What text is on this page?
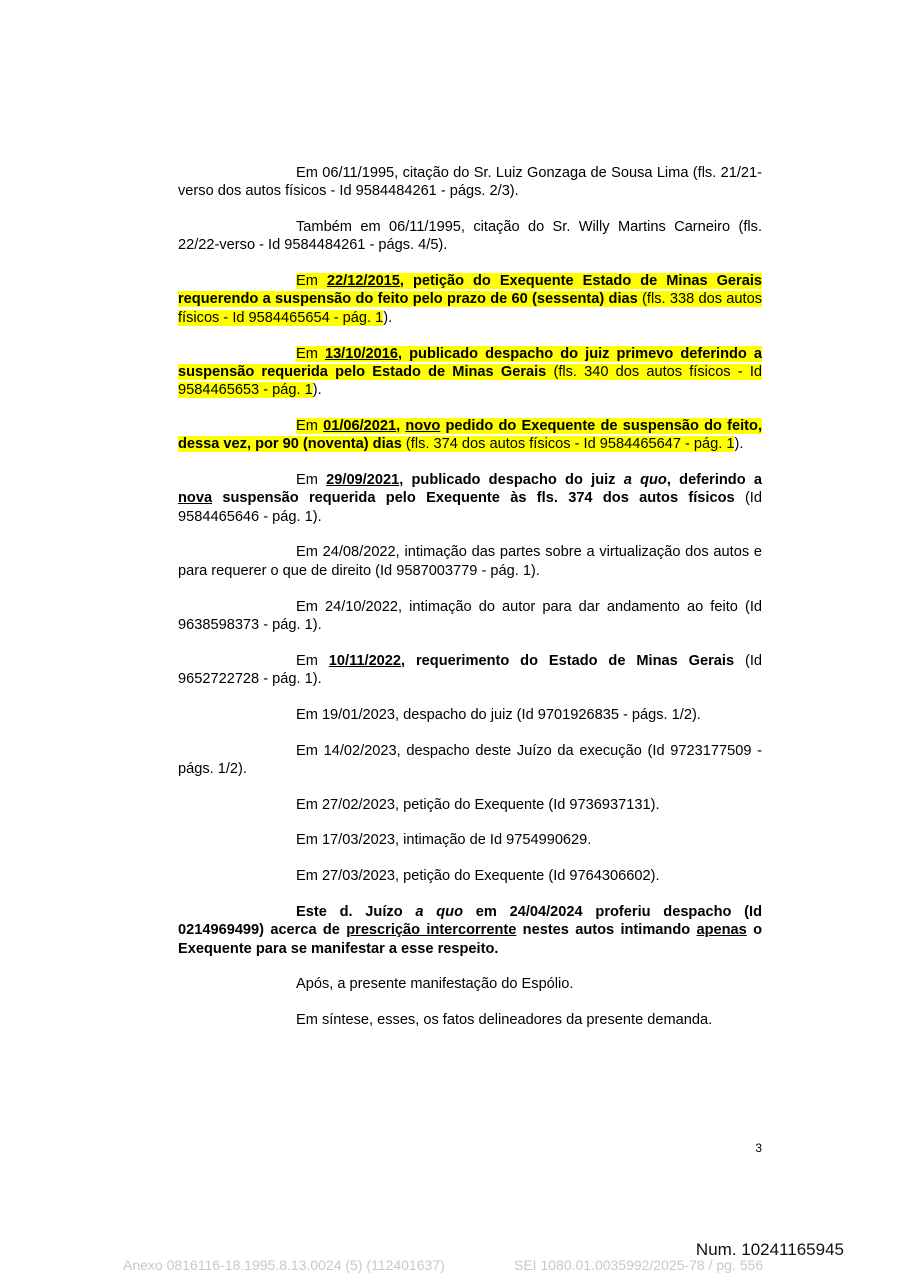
Em 06/11/1995, citação do Sr. Luiz Gonzaga de Sousa Lima (fls. 21/21-verso dos autos físicos - Id 9584484261 - págs. 2/3).

Também em 06/11/1995, citação do Sr. Willy Martins Carneiro (fls. 22/22-verso - Id 9584484261 - págs. 4/5).

Em 22/12/2015, petição do Exequente Estado de Minas Gerais requerendo a suspensão do feito pelo prazo de 60 (sessenta) dias (fls. 338 dos autos físicos - Id 9584465654 - pág. 1).

Em 13/10/2016, publicado despacho do juiz primevo deferindo a suspensão requerida pelo Estado de Minas Gerais (fls. 340 dos autos físicos - Id 9584465653 - pág. 1).

Em 01/06/2021, novo pedido do Exequente de suspensão do feito, dessa vez, por 90 (noventa) dias (fls. 374 dos autos físicos - Id 9584465647 - pág. 1).

Em 29/09/2021, publicado despacho do juiz a quo, deferindo a nova suspensão requerida pelo Exequente às fls. 374 dos autos físicos (Id 9584465646 - pág. 1).

Em 24/08/2022, intimação das partes sobre a virtualização dos autos e para requerer o que de direito (Id 9587003779 - pág. 1).

Em 24/10/2022, intimação do autor para dar andamento ao feito (Id 9638598373 - pág. 1).

Em 10/11/2022, requerimento do Estado de Minas Gerais (Id 9652722728 - pág. 1).

Em 19/01/2023, despacho do juiz (Id 9701926835 - págs. 1/2).

Em 14/02/2023, despacho deste Juízo da execução (Id 9723177509 - págs. 1/2).

Em 27/02/2023, petição do Exequente (Id 9736937131).

Em 17/03/2023, intimação de Id 9754990629.

Em 27/03/2023, petição do Exequente (Id 9764306602).

Este d. Juízo a quo em 24/04/2024 proferiu despacho (Id 0214969499) acerca de prescrição intercorrente nestes autos intimando apenas o Exequente para se manifestar a esse respeito.

Após, a presente manifestação do Espólio.

Em síntese, esses, os fatos delineadores da presente demanda.

3
Num. 10241165945
Anexo 0816116-18.1995.8.13.0024 (5) (112401637)	SEI 1080.01.0035992/2025-78 / pg. 556
